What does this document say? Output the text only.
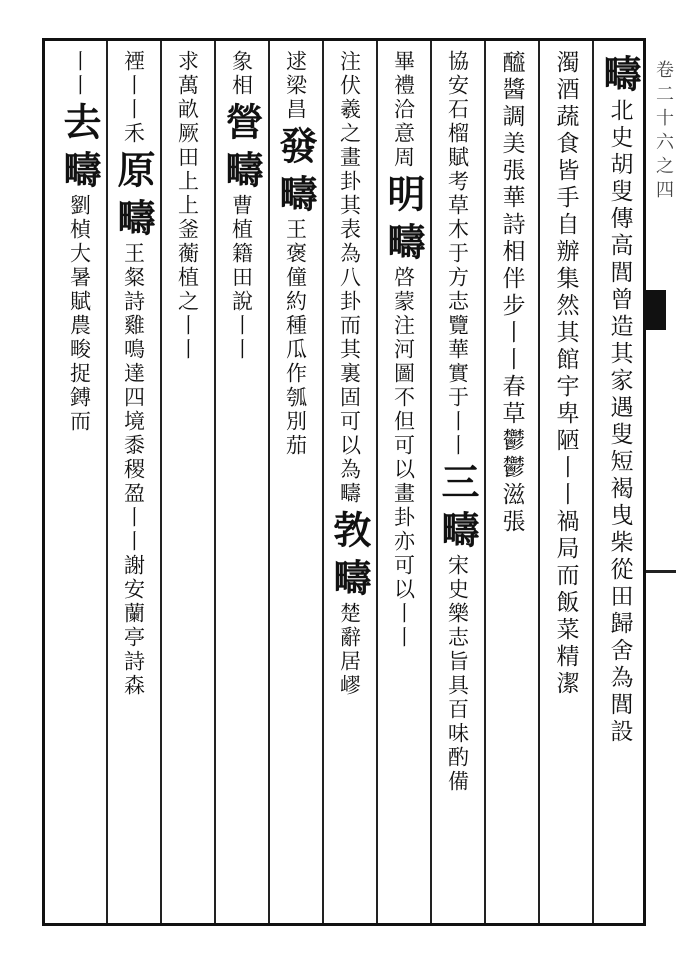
疇
北史胡叟傳高閭曾造其家遇叟短褐曳柴從田歸舍為閭設
濁酒蔬食皆手自辦集然其館宇卑陋丨丨禍局而飯菜精潔
醯醬調美張華詩相伴步丨丨春草鬱鬱滋張
協安石榴賦考草木于方志覽華實于丨丨
三
疇
宋史樂志旨具百味酌備
畢禮洽意周
明
疇
啓蒙注河圖不但可以畫卦亦可以丨丨
注伏羲之畫卦其表為八卦而其裏固可以為疇
㪍
疇
楚辭居嵺
逑梁昌
發
疇
王褒僮約種瓜作瓠別茄
象相
營
疇
曹植籍田說丨丨
求
萬畝厥田上上
釜蘅植之丨丨
禋丨丨禾
原
疇
王粲詩雞鳴達四境黍稷盈丨丨謝安蘭亭詩森
丨丨
去
疇
劉楨大暑賦農畯捉鎛而
卷二十六之四
